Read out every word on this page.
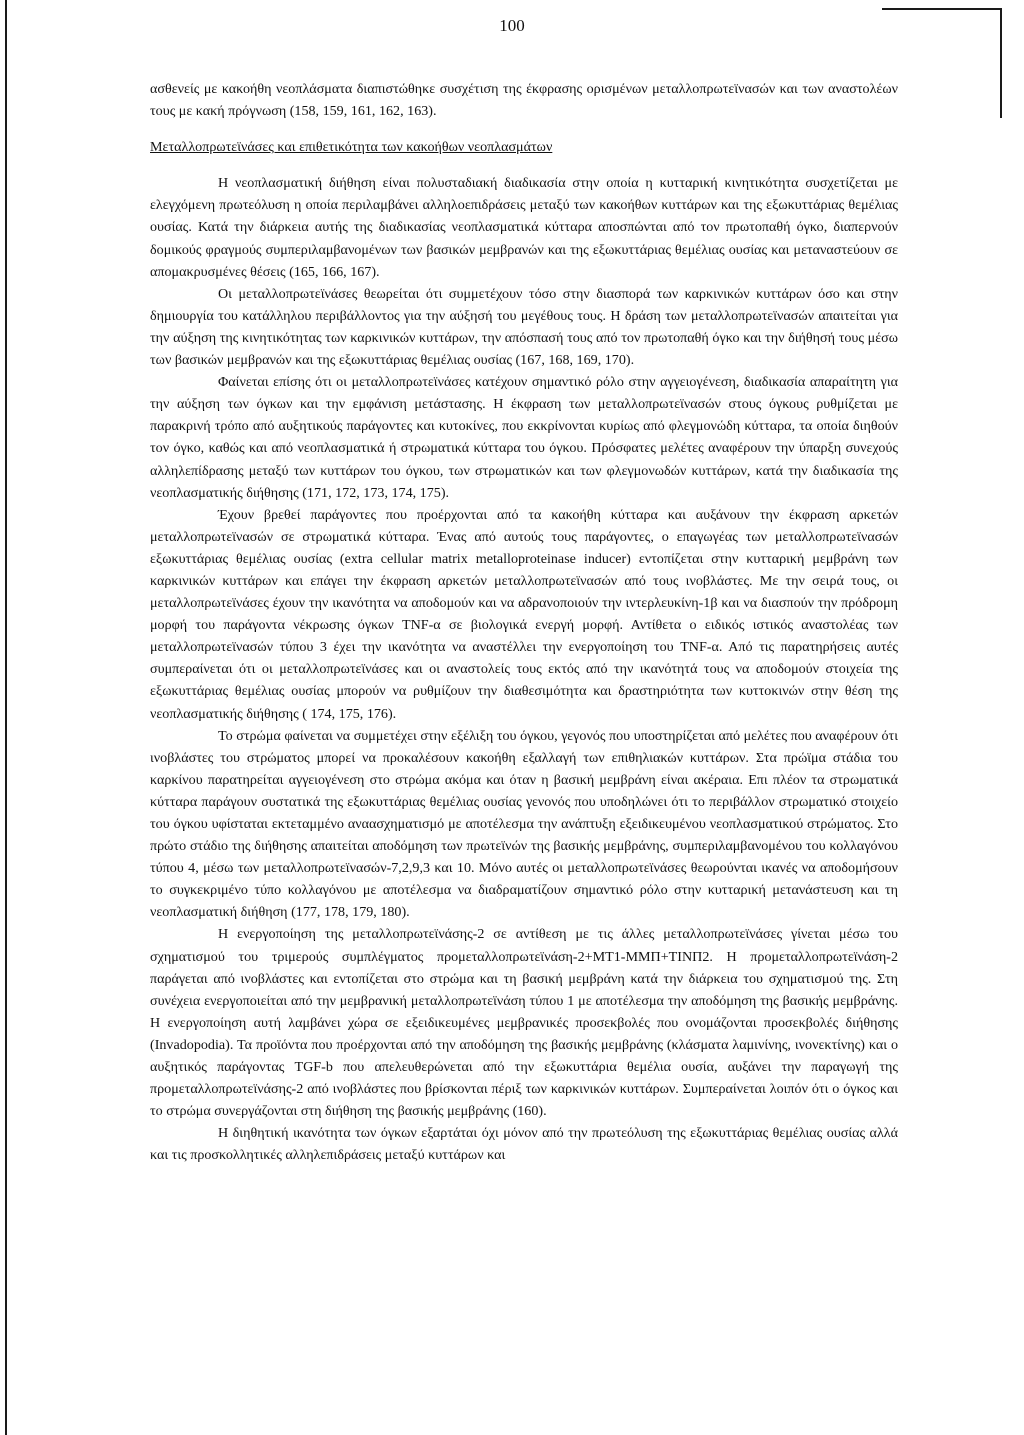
100

ασθενείς με κακοήθη νεοπλάσματα διαπιστώθηκε συσχέτιση της έκφρασης ορισμένων μεταλλοπρωτεϊνασών και των αναστολέων τους με κακή πρόγνωση (158, 159, 161, 162, 163).

Μεταλλοπρωτεϊνάσες και επιθετικότητα των κακοήθων νεοπλασμάτων

Η νεοπλασματική διήθηση είναι πολυσταδιακή διαδικασία στην οποία η κυτταρική κινητικότητα συσχετίζεται με ελεγχόμενη πρωτεόλυση η οποία περιλαμβάνει αλληλοεπιδράσεις μεταξύ των κακοήθων κυττάρων και της εξωκυττάριας θεμέλιας ουσίας. Κατά την διάρκεια αυτής της διαδικασίας νεοπλασματικά κύτταρα αποσπώνται από τον πρωτοπαθή όγκο, διαπερνούν δομικούς φραγμούς συμπεριλαμβανομένων των βασικών μεμβρανών και της εξωκυττάριας θεμέλιας ουσίας και μεταναστεύουν σε απομακρυσμένες θέσεις (165, 166, 167).

Οι μεταλλοπρωτεϊνάσες θεωρείται ότι συμμετέχουν τόσο στην διασπορά των καρκινικών κυττάρων όσο και στην δημιουργία του κατάλληλου περιβάλλοντος για την αύξησή του μεγέθους τους. Η δράση των μεταλλοπρωτεϊνασών απαιτείται για την αύξηση της κινητικότητας των καρκινικών κυττάρων, την απόσπασή τους από τον πρωτοπαθή όγκο και την διήθησή τους μέσω των βασικών μεμβρανών και της εξωκυττάριας θεμέλιας ουσίας (167, 168, 169, 170).

Φαίνεται επίσης ότι οι μεταλλοπρωτεϊνάσες κατέχουν σημαντικό ρόλο στην αγγειογένεση, διαδικασία απαραίτητη για την αύξηση των όγκων και την εμφάνιση μετάστασης. Η έκφραση των μεταλλοπρωτεϊνασών στους όγκους ρυθμίζεται με παρακρινή τρόπο από αυξητικούς παράγοντες και κυτοκίνες, που εκκρίνονται κυρίως από φλεγμονώδη κύτταρα, τα οποία διηθούν τον όγκο, καθώς και από νεοπλασματικά ή στρωματικά κύτταρα του όγκου. Πρόσφατες μελέτες αναφέρουν την ύπαρξη συνεχούς αλληλεπίδρασης μεταξύ των κυττάρων του όγκου, των στρωματικών και των φλεγμονωδών κυττάρων, κατά την διαδικασία της νεοπλασματικής διήθησης (171, 172, 173, 174, 175).

Έχουν βρεθεί παράγοντες που προέρχονται από τα κακοήθη κύτταρα και αυξάνουν την έκφραση αρκετών μεταλλοπρωτεϊνασών σε στρωματικά κύτταρα. Ένας από αυτούς τους παράγοντες, ο επαγωγέας των μεταλλοπρωτεϊνασών εξωκυττάριας θεμέλιας ουσίας (extra cellular matrix metalloproteinase inducer) εντοπίζεται στην κυτταρική μεμβράνη των καρκινικών κυττάρων και επάγει την έκφραση αρκετών μεταλλοπρωτεϊνασών από τους ινοβλάστες. Με την σειρά τους, οι μεταλλοπρωτεϊνάσες έχουν την ικανότητα να αποδομούν και να αδρανοποιούν την ιντερλευκίνη-1β και να διασπούν την πρόδρομη μορφή του παράγοντα νέκρωσης όγκων TNF-α σε βιολογικά ενεργή μορφή. Αντίθετα ο ειδικός ιστικός αναστολέας των μεταλλοπρωτεϊνασών τύπου 3 έχει την ικανότητα να αναστέλλει την ενεργοποίηση του TNF-α. Από τις παρατηρήσεις αυτές συμπεραίνεται ότι οι μεταλλοπρωτεϊνάσες και οι αναστολείς τους εκτός από την ικανότητά τους να αποδομούν στοιχεία της εξωκυττάριας θεμέλιας ουσίας μπορούν να ρυθμίζουν την διαθεσιμότητα και δραστηριότητα των κυττοκινών στην θέση της νεοπλασματικής διήθησης ( 174, 175, 176).

Το στρώμα φαίνεται να συμμετέχει στην εξέλιξη του όγκου, γεγονός που υποστηρίζεται από μελέτες που αναφέρουν ότι ινοβλάστες του στρώματος μπορεί να προκαλέσουν κακοήθη εξαλλαγή των επιθηλιακών κυττάρων. Στα πρώϊμα στάδια του καρκίνου παρατηρείται αγγειογένεση στο στρώμα ακόμα και όταν η βασική μεμβράνη είναι ακέραια. Επι πλέον τα στρωματικά κύτταρα παράγουν συστατικά της εξωκυττάριας θεμέλιας ουσίας γενονός που υποδηλώνει ότι το περιβάλλον στρωματικό στοιχείο του όγκου υφίσταται εκτεταμμένο αναασχηματισμό με αποτέλεσμα την ανάπτυξη εξειδικευμένου νεοπλασματικού στρώματος. Στο πρώτο στάδιο της διήθησης απαιτείται αποδόμηση των πρωτεϊνών της βασικής μεμβράνης, συμπεριλαμβανομένου του κολλαγόνου τύπου 4, μέσω των μεταλλοπρωτεϊνασών-7,2,9,3 και 10. Μόνο αυτές οι μεταλλοπρωτεϊνάσες θεωρούνται ικανές να αποδομήσουν το συγκεκριμένο τύπο κολλαγόνου με αποτέλεσμα να διαδραματίζουν σημαντικό ρόλο στην κυτταρική μετανάστευση και τη νεοπλασματική διήθηση (177, 178, 179, 180).

Η ενεργοποίηση της μεταλλοπρωτεϊνάσης-2 σε αντίθεση με τις άλλες μεταλλοπρωτεϊνάσες γίνεται μέσω του σχηματισμού του τριμερούς συμπλέγματος προμεταλλοπρωτεϊνάση-2+ΜΤ1-ΜΜΠ+ΤΙΝΠ2. Η προμεταλλοπρωτεϊνάση-2 παράγεται από ινοβλάστες και εντοπίζεται στο στρώμα και τη βασική μεμβράνη κατά την διάρκεια του σχηματισμού της. Στη συνέχεια ενεργοποιείται από την μεμβρανική μεταλλοπρωτεϊνάση τύπου 1 με αποτέλεσμα την αποδόμηση της βασικής μεμβράνης. Η ενεργοποίηση αυτή λαμβάνει χώρα σε εξειδικευμένες μεμβρανικές προσεκβολές που ονομάζονται προσεκβολές διήθησης (Invadopodia). Τα προϊόντα που προέρχονται από την αποδόμηση της βασικής μεμβράνης (κλάσματα λαμινίνης, ινονεκτίνης) και ο αυξητικός παράγοντας TGF-b που απελευθερώνεται από την εξωκυττάρια θεμέλια ουσία, αυξάνει την παραγωγή της προμεταλλοπρωτεϊνάσης-2 από ινοβλάστες που βρίσκονται πέριξ των καρκινικών κυττάρων. Συμπεραίνεται λοιπόν ότι ο όγκος και το στρώμα συνεργάζονται στη διήθηση της βασικής μεμβράνης (160).

Η διηθητική ικανότητα των όγκων εξαρτάται όχι μόνον από την πρωτεόλυση της εξωκυττάριας θεμέλιας ουσίας αλλά και τις προσκολλητικές αλληλεπιδράσεις μεταξύ κυττάρων και
